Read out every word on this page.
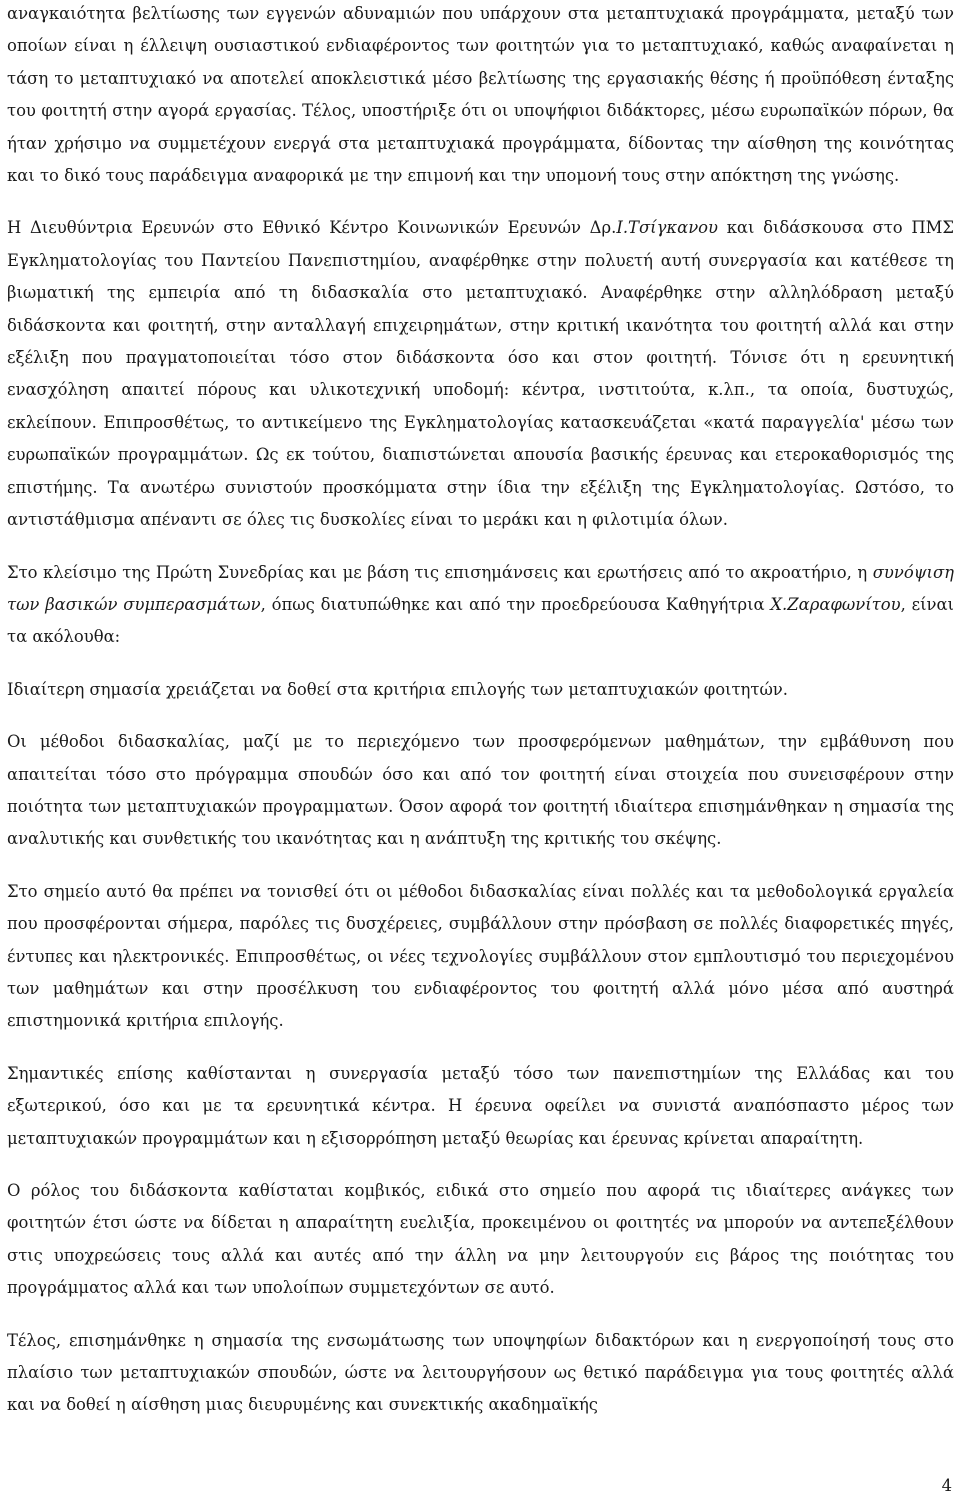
αναγκαιότητα βελτίωσης των εγγενών αδυναμιών που υπάρχουν στα μεταπτυχιακά προγράμματα, μεταξύ των οποίων είναι η έλλειψη ουσιαστικού ενδιαφέροντος των φοιτητών για το μεταπτυχιακό, καθώς αναφαίνεται η τάση το μεταπτυχιακό να αποτελεί αποκλειστικά μέσο βελτίωσης της εργασιακής θέσης ή προϋπόθεση ένταξης του φοιτητή στην αγορά εργασίας. Τέλος, υποστήριξε ότι οι υποψήφιοι διδάκτορες, μέσω ευρωπαϊκών πόρων, θα ήταν χρήσιμο να συμμετέχουν ενεργά στα μεταπτυχιακά προγράμματα, δίδοντας την αίσθηση της κοινότητας και το δικό τους παράδειγμα αναφορικά με την επιμονή και την υπομονή τους στην απόκτηση της γνώσης.

Η Διευθύντρια Ερευνών στο Εθνικό Κέντρο Κοινωνικών Ερευνών Δρ.Ι.Τσίγκανου και διδάσκουσα στο ΠΜΣ Εγκληματολογίας του Παντείου Πανεπιστημίου, αναφέρθηκε στην πολυετή αυτή συνεργασία και κατέθεσε τη βιωματική της εμπειρία από τη διδασκαλία στο μεταπτυχιακό. Αναφέρθηκε στην αλληλόδραση μεταξύ διδάσκοντα και φοιτητή, στην ανταλλαγή επιχειρημάτων, στην κριτική ικανότητα του φοιτητή αλλά και στην εξέλιξη που πραγματοποιείται τόσο στον διδάσκοντα όσο και στον φοιτητή. Τόνισε ότι η ερευνητική ενασχόληση απαιτεί πόρους και υλικοτεχνική υποδομή: κέντρα, ινστιτούτα, κ.λπ., τα οποία, δυστυχώς, εκλείπουν. Επιπροσθέτως, το αντικείμενο της Εγκληματολογίας κατασκευάζεται «κατά παραγγελία' μέσω των ευρωπαϊκών προγραμμάτων. Ως εκ τούτου, διαπιστώνεται απουσία βασικής έρευνας και ετεροκαθορισμός της επιστήμης. Τα ανωτέρω συνιστούν προσκόμματα στην ίδια την εξέλιξη της Εγκληματολογίας. Ωστόσο, το αντιστάθμισμα απέναντι σε όλες τις δυσκολίες είναι το μεράκι και η φιλοτιμία όλων.

Στο κλείσιμο της Πρώτη Συνεδρίας και με βάση τις επισημάνσεις και ερωτήσεις από το ακροατήριο, η συνόψιση των βασικών συμπερασμάτων, όπως διατυπώθηκε και από την προεδρεύουσα Καθηγήτρια Χ.Ζαραφωνίτου, είναι τα ακόλουθα:

Ιδιαίτερη σημασία χρειάζεται να δοθεί στα κριτήρια επιλογής των μεταπτυχιακών φοιτητών.

Οι μέθοδοι διδασκαλίας, μαζί με το περιεχόμενο των προσφερόμενων μαθημάτων, την εμβάθυνση που απαιτείται τόσο στο πρόγραμμα σπουδών όσο και από τον φοιτητή είναι στοιχεία που συνεισφέρουν στην ποιότητα των μεταπτυχιακών προγραμματων. Όσον αφορά τον φοιτητή ιδιαίτερα επισημάνθηκαν η σημασία της αναλυτικής και συνθετικής του ικανότητας και η ανάπτυξη της κριτικής του σκέψης.

Στο σημείο αυτό θα πρέπει να τονισθεί ότι οι μέθοδοι διδασκαλίας είναι πολλές και τα μεθοδολογικά εργαλεία που προσφέρονται σήμερα, παρόλες τις δυσχέρειες, συμβάλλουν στην πρόσβαση σε πολλές διαφορετικές πηγές, έντυπες και ηλεκτρονικές. Επιπροσθέτως, οι νέες τεχνολογίες συμβάλλουν στον εμπλουτισμό του περιεχομένου των μαθημάτων και στην προσέλκυση του ενδιαφέροντος του φοιτητή αλλά μόνο μέσα από αυστηρά επιστημονικά κριτήρια επιλογής.

Σημαντικές επίσης καθίστανται η συνεργασία μεταξύ τόσο των πανεπιστημίων της Ελλάδας και του εξωτερικού, όσο και με τα ερευνητικά κέντρα. Η έρευνα οφείλει να συνιστά αναπόσπαστο μέρος των μεταπτυχιακών προγραμμάτων και η εξισορρόπηση μεταξύ θεωρίας και έρευνας κρίνεται απαραίτητη.

Ο ρόλος του διδάσκοντα καθίσταται κομβικός, ειδικά στο σημείο που αφορά τις ιδιαίτερες ανάγκες των φοιτητών έτσι ώστε να δίδεται η απαραίτητη ευελιξία, προκειμένου οι φοιτητές να μπορούν να αντεπεξέλθουν στις υποχρεώσεις τους αλλά και αυτές από την άλλη να μην λειτουργούν εις βάρος της ποιότητας του προγράμματος αλλά και των υπολοίπων συμμετεχόντων σε αυτό.

Τέλος, επισημάνθηκε η σημασία της ενσωμάτωσης των υποψηφίων διδακτόρων και η ενεργοποίησή τους στο πλαίσιο των μεταπτυχιακών σπουδών, ώστε να λειτουργήσουν ως θετικό παράδειγμα για τους φοιτητές αλλά και να δοθεί η αίσθηση μιας διευρυμένης και συνεκτικής ακαδημαϊκής

4
